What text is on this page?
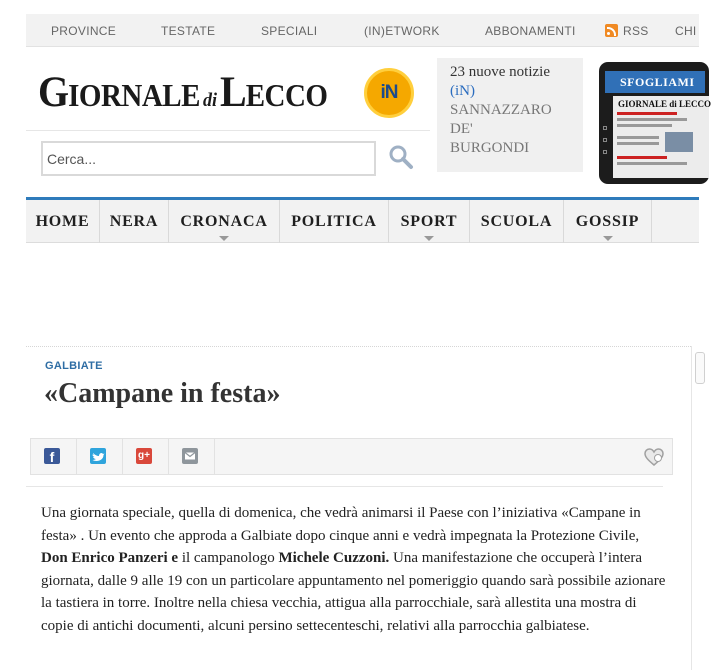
PROVINCE	TESTATE	SPECIALI	(IN)ETWORK	ABBONAMENTI	RSS CHI
GIORNALE diLECCO	iN
Cerca...
23 nuove notizie
(iN)
SANNAZZARO
DE'
BURGONDI
SFOGLIAMI
GIORNALE di LECCO
HOME	NERA	CRONACA	POLITICA	SPORT	SCUOLA	GOSSIP
GALBIATE
«Campane in festa»
f	g+
Una giornata speciale, quella di domenica, che vedrà animarsi il Paese con l’iniziativa «Campane in festa» . Un evento che approda a Galbiate dopo cinque anni e vedrà impegnata la Protezione Civile, Don Enrico Panzeri e il campanologo Michele Cuzzoni. Una manifestazione che occuperà l’intera giornata, dalle 9 alle 19 con un particolare appuntamento nel pomeriggio quando sarà possibile azionare la tastiera in torre. Inoltre nella chiesa vecchia, attigua alla parrocchiale, sarà allestita una mostra di copie di antichi documenti, alcuni persino settecenteschi, relativi alla parrocchia galbiatese.
